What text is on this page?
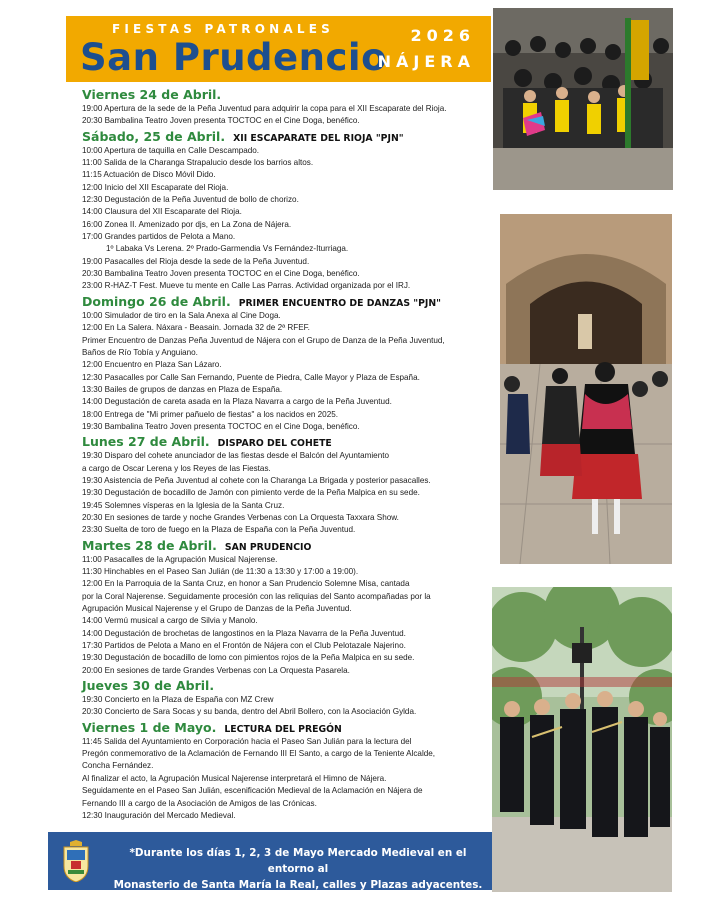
FIESTAS PATRONALES
San Prudencio
2026
NÁJERA
Viernes 24 de Abril.
19:00 Apertura de la sede de la Peña Juventud para adquirir la copa para el XII Escaparate del Rioja.
20:30 Bambalina Teatro Joven presenta TOCTOC en el Cine Doga, benéfico.
Sábado, 25 de Abril. XII ESCAPARATE DEL RIOJA "PJN"
10:00 Apertura de taquilla en Calle Descampado.
11:00 Salida de la Charanga Strapalucio desde los barrios altos.
11:15 Actuación de Disco Móvil Dido.
12:00 Inicio del XII Escaparate del Rioja.
12:30 Degustación de la Peña Juventud de bollo de chorizo.
14:00 Clausura del XII Escaparate del Rioja.
16:00 Zonea II. Amenizado por djs, en La Zona de Nájera.
17:00 Grandes partidos de Pelota a Mano.
1º Labaka Vs Lerena. 2º Prado-Garmendia Vs Fernández-Iturriaga.
19:00 Pasacalles del Rioja desde la sede de la Peña Juventud.
20:30 Bambalina Teatro Joven presenta TOCTOC en el Cine Doga, benéfico.
23:00 R-HAZ-T Fest. Mueve tu mente en Calle Las Parras. Actividad organizada por el IRJ.
Domingo 26 de Abril. PRIMER ENCUENTRO DE DANZAS "PJN"
10:00 Simulador de tiro en la Sala Anexa al Cine Doga.
12:00 En La Salera. Náxara - Beasain. Jornada 32 de 2ª RFEF.
Primer Encuentro de Danzas Peña Juventud de Nájera con el Grupo de Danza de la Peña Juventud,
Baños de Río Tobía y Anguiano.
12:00 Encuentro en Plaza San Lázaro.
12:30 Pasacalles por Calle San Fernando, Puente de Piedra, Calle Mayor y Plaza de España.
13:30 Bailes de grupos de danzas en Plaza de España.
14:00 Degustación de careta asada en la Plaza Navarra a cargo de la Peña Juventud.
18:00 Entrega de "Mi primer pañuelo de fiestas" a los nacidos en 2025.
19:30 Bambalina Teatro Joven presenta TOCTOC en el Cine Doga, benéfico.
Lunes 27 de Abril. DISPARO DEL COHETE
19:30 Disparo del cohete anunciador de las fiestas desde el Balcón del Ayuntamiento
a cargo de Oscar Lerena y los Reyes de las Fiestas.
19:30 Asistencia de Peña Juventud al cohete con la Charanga La Brigada y posterior pasacalles.
19:30 Degustación de bocadillo de Jamón con pimiento verde de la Peña Malpica en su sede.
19:45 Solemnes vísperas en la Iglesia de la Santa Cruz.
20:30 En sesiones de tarde y noche Grandes Verbenas con La Orquesta Taxxara Show.
23:30 Suelta de toro de fuego en la Plaza de España con la Peña Juventud.
Martes 28 de Abril. SAN PRUDENCIO
11:00 Pasacalles de la Agrupación Musical Najerense.
11:30 Hinchables en el Paseo San Julián (de 11:30 a 13:30 y 17:00 a 19:00).
12:00 En la Parroquia de la Santa Cruz, en honor a San Prudencio Solemne Misa, cantada
por la Coral Najerense. Seguidamente procesión con las reliquias del Santo acompañadas por la
Agrupación Musical Najerense y el Grupo de Danzas de la Peña Juventud.
14:00 Vermú musical a cargo de Silvia y Manolo.
14:00 Degustación de brochetas de langostinos en la Plaza Navarra de la Peña Juventud.
17:30 Partidos de Pelota a Mano en el Frontón de Nájera con el Club Pelotazale Najerino.
19:30 Degustación de bocadillo de lomo con pimientos rojos de la Peña Malpica en su sede.
20:00 En sesiones de tarde Grandes Verbenas con La Orquesta Pasarela.
Jueves 30 de Abril.
19:30 Concierto en la Plaza de España con MZ Crew
20:30 Concierto de Sara Socas y su banda, dentro del Abril Bollero, con la Asociación Gylda.
Viernes 1 de Mayo. LECTURA DEL PREGÓN
11:45 Salida del Ayuntamiento en Corporación hacia el Paseo San Julián para la lectura del
Pregón conmemorativo de la Aclamación de Fernando III El Santo, a cargo de la Teniente Alcalde,
Concha Fernández.
Al finalizar el acto, la Agrupación Musical Najerense interpretará el Himno de Nájera.
Seguidamente en el Paseo San Julián, escenificación Medieval de la Aclamación en Nájera de
Fernando III a cargo de la Asociación de Amigos de las Crónicas.
12:30 Inauguración del Mercado Medieval.
*Durante los días 1, 2, 3 de Mayo Mercado Medieval en el entorno al
Monasterio de Santa María la Real, calles y Plazas adyacentes.
